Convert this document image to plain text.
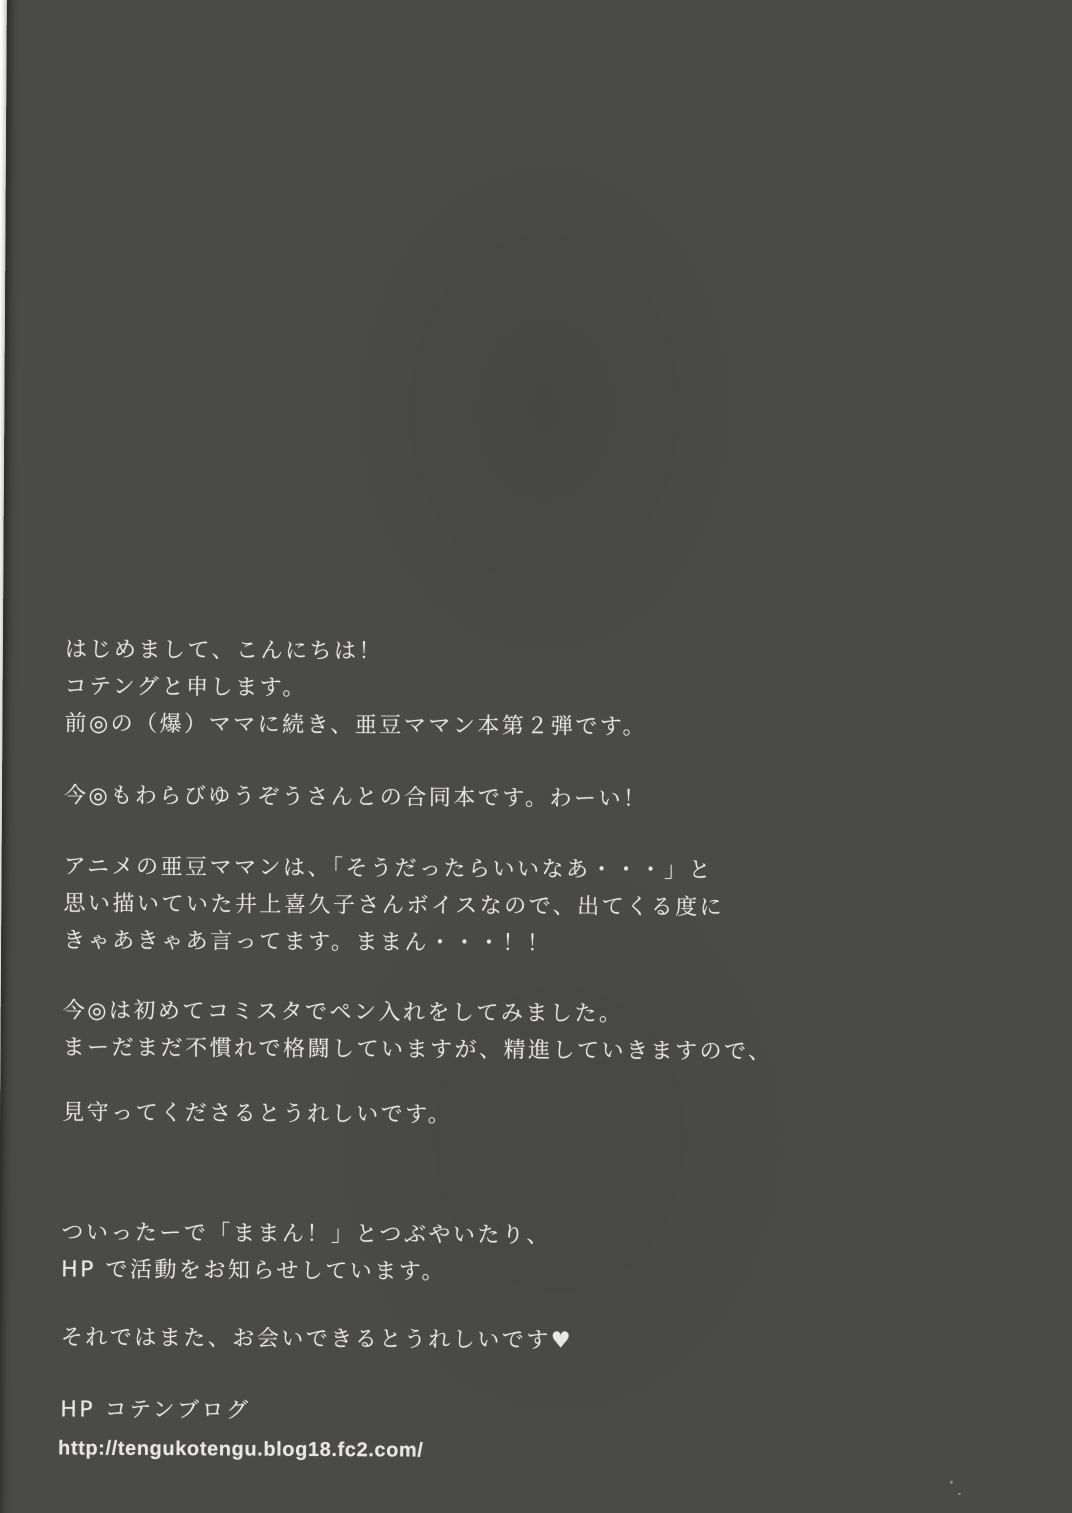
はじめまして、こんにちは！
コテングと申します。
前◎の（爆）ママに続き、亜豆ママン本第２弾です。
今◎もわらびゆうぞうさんとの合同本です。わーい！
アニメの亜豆ママンは、「そうだったらいいなあ・・・」と
思い描いていた井上喜久子さんボイスなので、出てくる度に
きゃあきゃあ言ってます。ままん・・・！！
今◎は初めてコミスタでペン入れをしてみました。
まーだまだ不慣れで格闘していますが、精進していきますので、
見守ってくださるとうれしいです。
ついったーで「ままん！」とつぶやいたり、
HP で活動をお知らせしています。
それではまた、お会いできるとうれしいです♥
HP コテンブログ
http://tengukotengu.blog18.fc2.com/
